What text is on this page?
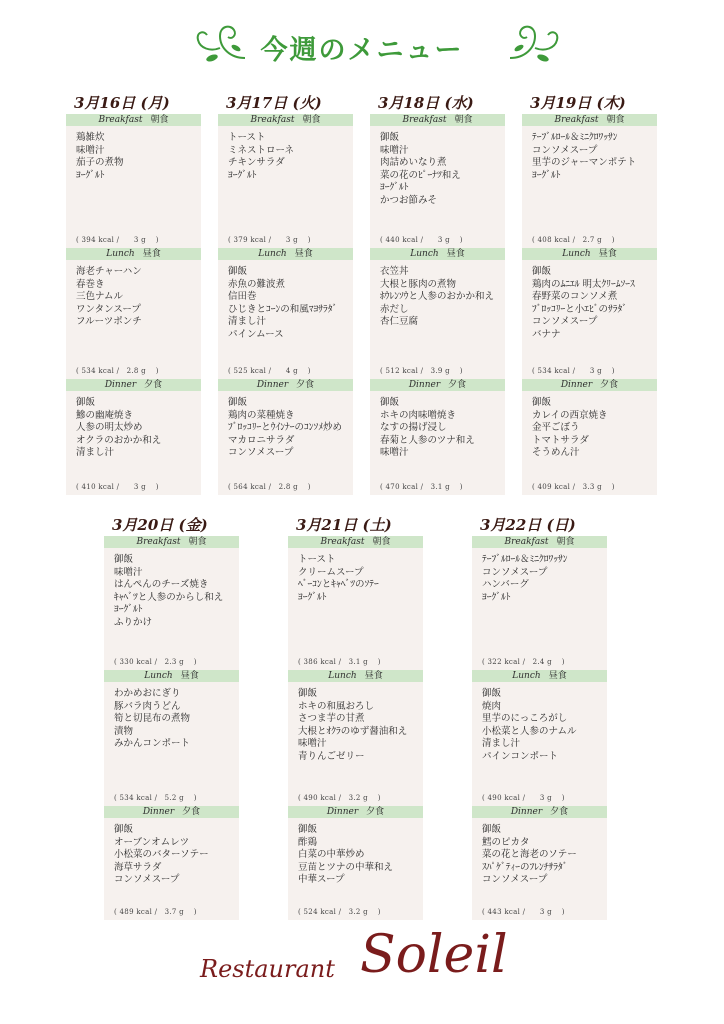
今週のメニュー
3月16日 (月)
Breakfast 朝食
鶏雑炊
味噌汁
茄子の煮物
ﾖｰｸﾞﾙﾄ
( 394 kcal /　　3 g　 )
Lunch 昼食
海老チャーハン
春巻き
三色ナムル
ワンタンスープ
フルーツポンチ
( 534 kcal /　2.8 g　 )
Dinner 夕食
御飯
鰺の幽庵焼き
人参の明太炒め
オクラのおかか和え
清まし汁
( 410 kcal /　　3 g　 )
3月17日 (火)
Breakfast 朝食
トースト
ミネストローネ
チキンサラダ
ﾖｰｸﾞﾙﾄ
( 379 kcal /　　3 g　 )
Lunch 昼食
御飯
赤魚の難波煮
信田巻
ひじきとｺｰﾝの和風ﾏﾖｻﾗﾀﾞ
清まし汁
パインムース
( 525 kcal /　　4 g　 )
Dinner 夕食
御飯
鶏肉の菜種焼き
ﾌﾞﾛｯｺﾘｰとｳｲﾝﾅｰのｺﾝｿﾒ炒め
マカロニサラダ
コンソメスープ
( 564 kcal /　2.8 g　 )
3月18日 (水)
Breakfast 朝食
御飯
味噌汁
肉詰めいなり煮
菜の花のﾋﾟｰﾅﾂ和え
ﾖｰｸﾞﾙﾄ
かつお節みそ
( 440 kcal /　　3 g　 )
Lunch 昼食
衣笠丼
大根と豚肉の煮物
ﾎｳﾚﾝｿｳと人参のおかか和え
赤だし
杏仁豆腐
( 512 kcal /　3.9 g　 )
Dinner 夕食
御飯
ホキの肉味噌焼き
なすの揚げ浸し
春菊と人参のツナ和え
味噌汁
( 470 kcal /　3.1 g　 )
3月19日 (木)
Breakfast 朝食
ﾃｰﾌﾞﾙﾛｰﾙ＆ﾐﾆｸﾛﾜｯｻﾝ
コンソメスープ
里芋のジャーマンポテト
ﾖｰｸﾞﾙﾄ
( 408 kcal /　2.7 g　 )
Lunch 昼食
御飯
鶏肉のﾑﾆｴﾙ 明太ｸﾘｰﾑｿｰｽ
春野菜のコンソメ煮
ﾌﾞﾛｯｺﾘｰと小ｴﾋﾞのｻﾗﾀﾞ
コンソメスープ
バナナ
( 534 kcal /　　3 g　 )
Dinner 夕食
御飯
カレイの西京焼き
金平ごぼう
トマトサラダ
そうめん汁
( 409 kcal /　3.3 g　 )
3月20日 (金)
Breakfast 朝食
御飯
味噌汁
はんぺんのチーズ焼き
ｷｬﾍﾞﾂと人参のからし和え
ﾖｰｸﾞﾙﾄ
ふりかけ
( 330 kcal /　2.3 g　 )
Lunch 昼食
わかめおにぎり
豚バラ肉うどん
筍と切昆布の煮物
漬物
みかんコンポート
( 534 kcal /　5.2 g　 )
Dinner 夕食
御飯
オーブンオムレツ
小松菜のバターソテー
海草サラダ
コンソメスープ
( 489 kcal /　3.7 g　 )
3月21日 (土)
Breakfast 朝食
トースト
クリームスープ
ﾍﾞｰｺﾝとｷｬﾍﾞﾂのｿﾃｰ
ﾖｰｸﾞﾙﾄ
( 386 kcal /　3.1 g　 )
Lunch 昼食
御飯
ホキの和風おろし
さつま芋の甘煮
大根とｵｸﾗのゆず醤油和え
味噌汁
青りんごゼリー
( 490 kcal /　3.2 g　 )
Dinner 夕食
御飯
酢鶏
白菜の中華炒め
豆苗とツナの中華和え
中華スープ
( 524 kcal /　3.2 g　 )
3月22日 (日)
Breakfast 朝食
ﾃｰﾌﾞﾙﾛｰﾙ＆ﾐﾆｸﾛﾜｯｻﾝ
コンソメスープ
ハンバーグ
ﾖｰｸﾞﾙﾄ
( 322 kcal /　2.4 g　 )
Lunch 昼食
御飯
焼肉
里芋のにっころがし
小松菜と人参のナムル
清まし汁
パインコンポート
( 490 kcal /　　3 g　 )
Dinner 夕食
御飯
鱈のピカタ
菜の花と海老のソテー
ｽﾊﾟｹﾞﾃｨｰのﾌﾚﾝﾁｻﾗﾀﾞ
コンソメスープ
( 443 kcal /　　3 g　 )
Restaurant Soleil
